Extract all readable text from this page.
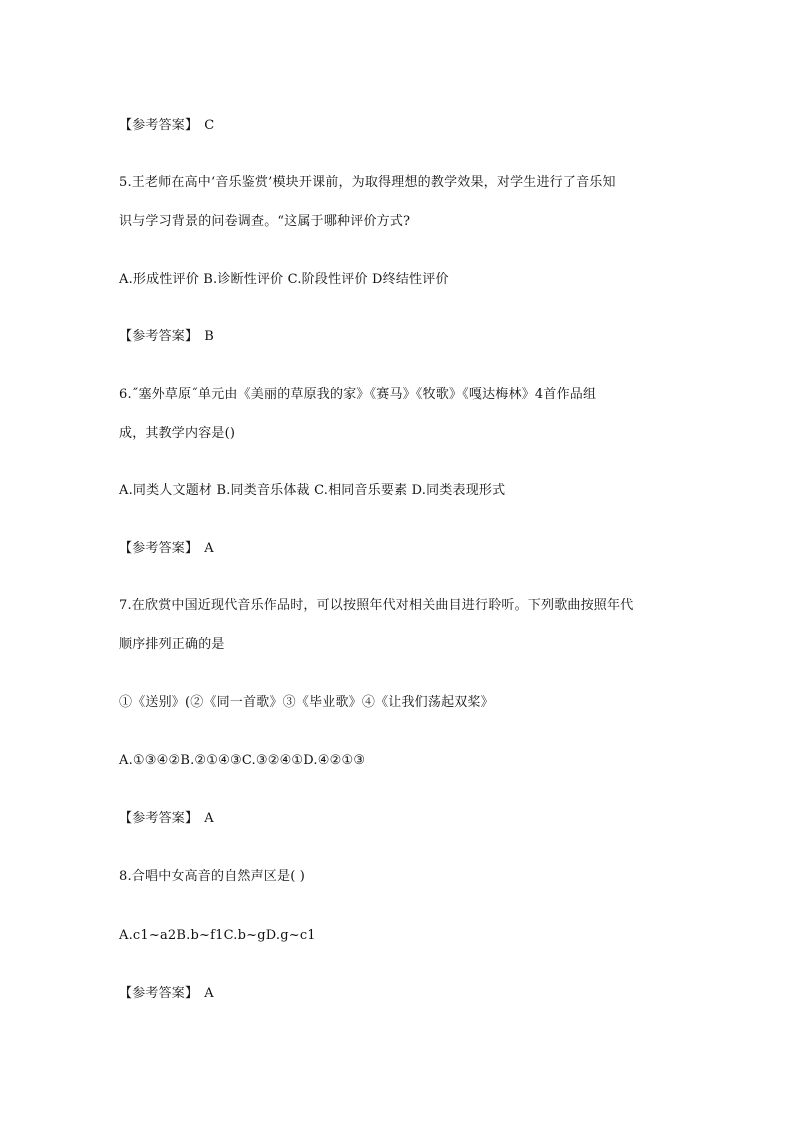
【参考答案】 C
5.王老师在高中‘音乐鉴赏’模块开课前，为取得理想的教学效果，对学生进行了音乐知
识与学习背景的问卷调查。“这属于哪种评价方式?
A.形成性评价 B.诊断性评价 C.阶段性评价 D终结性评价
【参考答案】 B
6.˝塞外草原˝单元由《美丽的草原我的家》《赛马》《牧歌》《嘎达梅林》4首作品组
成，其教学内容是()
A.同类人文题材 B.同类音乐体裁 C.相同音乐要素 D.同类表现形式
【参考答案】 A
7.在欣赏中国近现代音乐作品时，可以按照年代对相关曲目进行聆听。下列歌曲按照年代
顺序排列正确的是
①《送别》(②《同一首歌》③《毕业歌》④《让我们荡起双桨》
A.①③④②B.②①④③C.③②④①D.④②①③
【参考答案】 A
8.合唱中女高音的自然声区是( )
A.c1~a2B.b~f1C.b~gD.g~c1
【参考答案】 A
